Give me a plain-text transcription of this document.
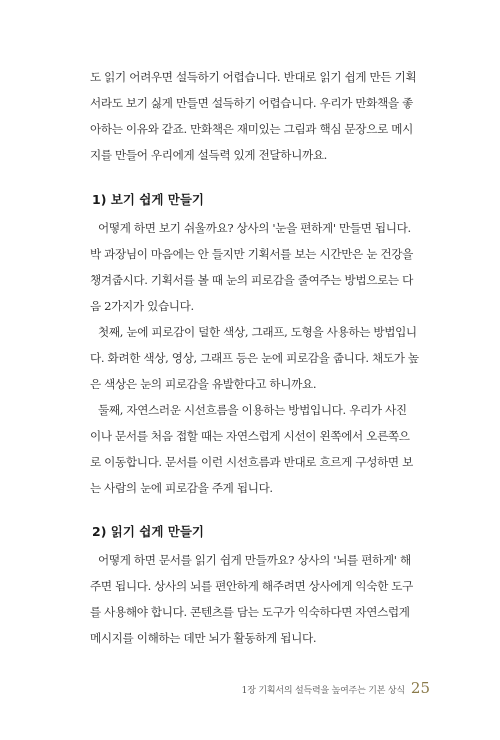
도 읽기 어려우면 설득하기 어렵습니다. 반대로 읽기 쉽게 만든 기획
서라도 보기 싫게 만들면 설득하기 어렵습니다. 우리가 만화책을 좋
아하는 이유와 같죠. 만화책은 재미있는 그림과 핵심 문장으로 메시
지를 만들어 우리에게 설득력 있게 전달하니까요.
1) 보기 쉽게 만들기
어떻게 하면 보기 쉬울까요? 상사의 '눈을 편하게' 만들면 됩니다.
박 과장님이 마음에는 안 들지만 기획서를 보는 시간만은 눈 건강을
챙겨줍시다. 기획서를 볼 때 눈의 피로감을 줄여주는 방법으로는 다
음 2가지가 있습니다.
첫째, 눈에 피로감이 덜한 색상, 그래프, 도형을 사용하는 방법입니
다. 화려한 색상, 영상, 그래프 등은 눈에 피로감을 줍니다. 채도가 높
은 색상은 눈의 피로감을 유발한다고 하니까요.
둘째, 자연스러운 시선흐름을 이용하는 방법입니다. 우리가 사진
이나 문서를 처음 접할 때는 자연스럽게 시선이 왼쪽에서 오른쪽으
로 이동합니다. 문서를 이런 시선흐름과 반대로 흐르게 구성하면 보
는 사람의 눈에 피로감을 주게 됩니다.
2) 읽기 쉽게 만들기
어떻게 하면 문서를 읽기 쉽게 만들까요? 상사의 '뇌를 편하게' 해
주면 됩니다. 상사의 뇌를 편안하게 해주려면 상사에게 익숙한 도구
를 사용해야 합니다. 콘텐츠를 담는 도구가 익숙하다면 자연스럽게
메시지를 이해하는 데만 뇌가 활동하게 됩니다.
1장 기획서의 설득력을 높여주는 기본 상식 25
